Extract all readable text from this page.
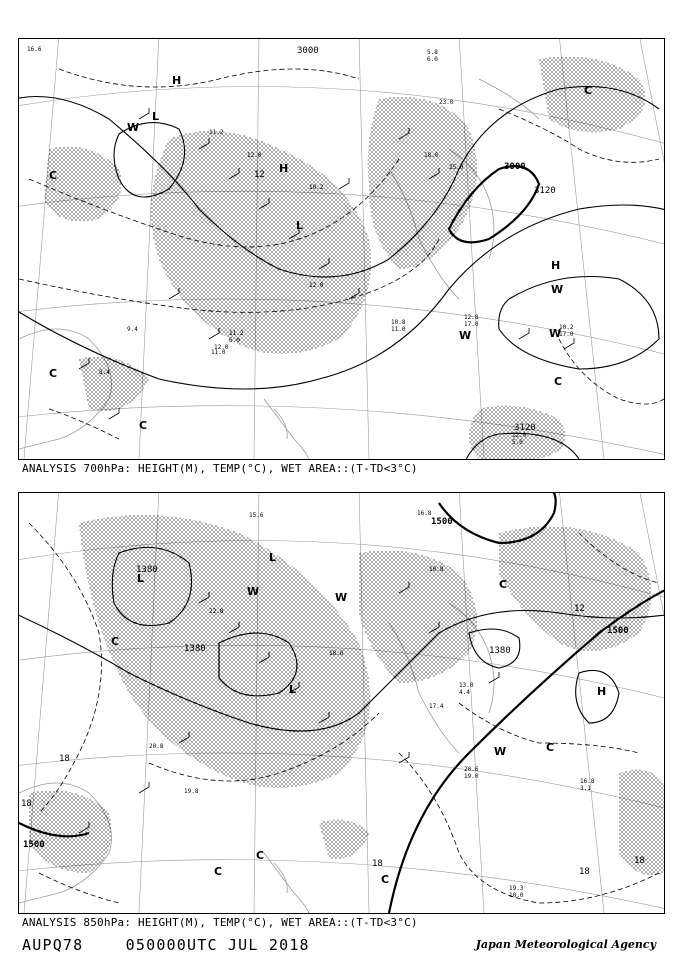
3000
3000
3120
3120
12
H
H
H
L
L
W
W
W
W
C
C
C
C
C
16.6
11.2
12.0
10.2
5.8
6.0
23.0
25.0
18.0
12.0
10.8
11.0
12.8
17.0
12.0
5.0
9.4
11.0
10.2
17.0
8.4
12.0
11.2
6.0
ANALYSIS 700hPa: HEIGHT(M), TEMP(°C), WET AREA::(T-TD<3°C)
1500
1500
1380
1380	1380
1500
18
18
18
18
12
18
L
L
L	H
W
W	W
C
C
C
C
C
C
16.8
10.8
13.0
4.4
20.6
19.0
16.8
3.1
19.3
10.0
20.8
19.8
17.4
15.6
22.8
18.6
ANALYSIS 850hPa: HEIGHT(M), TEMP(°C), WET AREA::(T-TD<3°C)
AUPQ78	050000UTC JUL 2018	Japan Meteorological Agency
